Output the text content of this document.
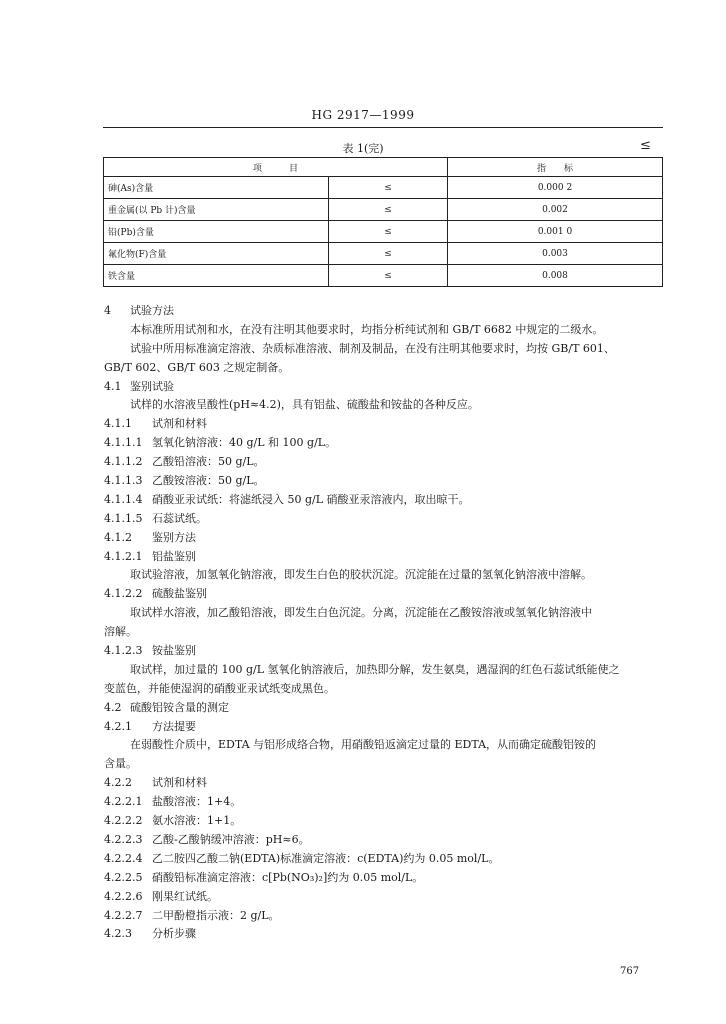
HG 2917—1999
表 1(完)	≤
项　　　目		指　　标
砷(As)含量	≤	0.000 2
重金属(以 Pb 计)含量	≤	0.002
铅(Pb)含量	≤	0.001 0
氟化物(F)含量	≤	0.003
铁含量	≤	0.008
4 试验方法
本标准所用试剂和水，在没有注明其他要求时，均指分析纯试剂和 GB/T 6682 中规定的二级水。
试验中所用标准滴定溶液、杂质标准溶液、制剂及制品，在没有注明其他要求时，均按 GB/T 601、
GB/T 602、GB/T 603 之规定制备。
4.1 鉴别试验
试样的水溶液呈酸性(pH≈4.2)，具有铝盐、硫酸盐和铵盐的各种反应。
4.1.1 试剂和材料
4.1.1.1 氢氧化钠溶液：40 g/L 和 100 g/L。
4.1.1.2 乙酸铅溶液：50 g/L。
4.1.1.3 乙酸铵溶液：50 g/L。
4.1.1.4 硝酸亚汞试纸：将滤纸浸入 50 g/L 硝酸亚汞溶液内，取出晾干。
4.1.1.5 石蕊试纸。
4.1.2 鉴别方法
4.1.2.1 铝盐鉴别
取试验溶液，加氢氧化钠溶液，即发生白色的胶状沉淀。沉淀能在过量的氢氧化钠溶液中溶解。
4.1.2.2 硫酸盐鉴别
取试样水溶液，加乙酸铅溶液，即发生白色沉淀。分离，沉淀能在乙酸铵溶液或氢氧化钠溶液中
溶解。
4.1.2.3 铵盐鉴别
取试样，加过量的 100 g/L 氢氧化钠溶液后，加热即分解，发生氨臭，遇湿润的红色石蕊试纸能使之
变蓝色，并能使湿润的硝酸亚汞试纸变成黑色。
4.2 硫酸铝铵含量的测定
4.2.1 方法提要
在弱酸性介质中，EDTA 与铝形成络合物，用硝酸铅返滴定过量的 EDTA，从而确定硫酸铝铵的
含量。
4.2.2 试剂和材料
4.2.2.1 盐酸溶液：1+4。
4.2.2.2 氨水溶液：1+1。
4.2.2.3 乙酸-乙酸钠缓冲溶液：pH≈6。
4.2.2.4 乙二胺四乙酸二钠(EDTA)标准滴定溶液：c(EDTA)约为 0.05 mol/L。
4.2.2.5 硝酸铅标准滴定溶液：c[Pb(NO₃)₂]约为 0.05 mol/L。
4.2.2.6 刚果红试纸。
4.2.2.7 二甲酚橙指示液：2 g/L。
4.2.3 分析步骤
767
